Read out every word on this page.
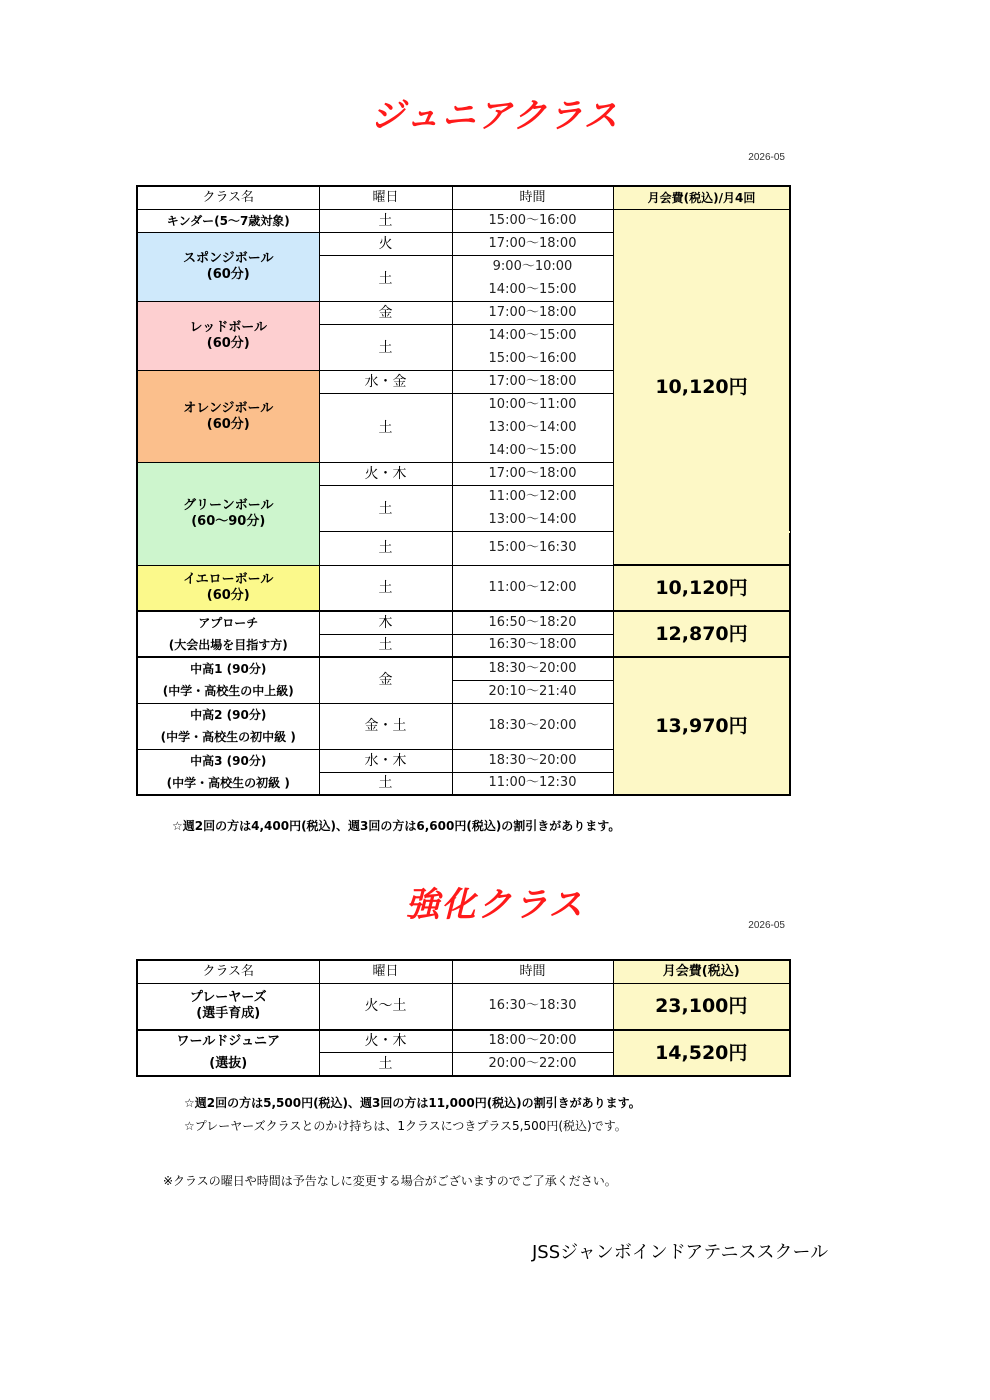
ジュニアクラス
2026-05
クラス名	曜日	時間	月会費(税込)/月4回	
キンダー(5～7歳対象)	土	15:00～16:00	10,120円	

スポンジボール
(60分)	火	17:00～18:00		
	土	9:00～10:00		
		14:00～15:00		

レッドボール
(60分)	金	17:00～18:00		
	土	14:00～15:00		
		15:00～16:00		

オレンジボール
(60分)	水・金	17:00～18:00		
	土	10:00～11:00		
		13:00～14:00		
		14:00～15:00		

グリーンボール
(60～90分)	火・木	17:00～18:00		
	土	11:00～12:00		
		13:00～14:00		
	土	15:00～16:30	

イエローボール
(60分)	土	11:00～12:00	10,120円	
アプローチ	木	16:50～18:20	12,870円	
(大会出場を目指す方)	土	16:30～18:00		
中高1 (90分)	金	18:30～20:00	13,970円	
(中学・高校生の中上級)		20:10～21:40		
中高2 (90分)	金・土	18:30～20:00		
(中学・高校生の初中級 )				
中高3 (90分)	水・木	18:30～20:00		
(中学・高校生の初級 )	土	11:00～12:30		
☆週2回の方は4,400円(税込)、週3回の方は6,600円(税込)の割引きがあります。
強化クラス
2026-05
クラス名	曜日	時間	月会費(税込)

プレーヤーズ
(選手育成)	火～土	16:30～18:30	23,100円
ワールドジュニア	火・木	18:00～20:00	14,520円
(選抜)	土	20:00～22:00	
☆週2回の方は5,500円(税込)、週3回の方は11,000円(税込)の割引きがあります。
☆プレーヤーズクラスとのかけ持ちは、1クラスにつきプラス5,500円(税込)です。
※クラスの曜日や時間は予告なしに変更する場合がございますのでご了承ください。
JSSジャンボインドアテニススクール
